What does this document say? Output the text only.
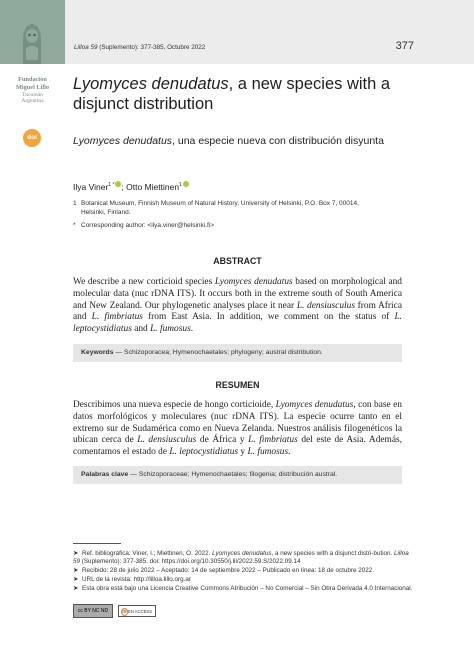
Fundación
Miguel Lillo
Tucumán
Argentina
doi
Lilloa 59 (Suplemento): 377-385, Octubre 2022	377
Lyomyces denudatus, a new species with a disjunct distribution
Lyomyces denudatus, una especie nueva con distribución disyunta
Ilya Viner$^{1 *}$ ; Otto Miettinen$^1$
1 Botanical Museum, Finnish Museum of Natural History, University of Helsinki, P.O. Box 7, 00014,
Helsinki, Finland.
* Corresponding author: <ilya.viner@helsinki.fi>
ABSTRACT
We describe a new corticioid species Lyomyces denudatus based on morphological and molecular data (nuc rDNA ITS). It occurs both in the extreme south of South America and New Zealand. Our phylogenetic analyses place it near L. densiusculus from Africa and L. fimbriatus from East Asia. In addition, we comment on the status of L. leptocystidiatus and L. fumosus.
Keywords — Schizoporacea; Hymenochaetales; phylogeny; austral distribution.
RESUMEN
Describimos una nueva especie de hongo corticioide, Lyomyces denudatus, con base en datos morfológicos y moleculares (nuc rDNA ITS). La especie ocurre tanto en el extremo sur de Sudamérica como en Nueva Zelanda. Nuestros análisis filogenéticos la ubican cerca de L. densiusculus de África y L. fimbriatus del este de Asia. Además, comentamos el estado de L. leptocystidiatus y L. fumosus.
Palabras clave — Schizoporaceae; Hymenochaetales; filogenia; distribución austral.
➤ Ref. bibliográfica: Viner, I.; Miettinen, O. 2022. Lyomyces denudatus, a new species with a disjunct distri-bution. Lilloa 59 (Suplemento): 377-385. doi: https://doi.org/10.30550/j.lil/2022.59.S/2022.09.14
➤ Recibido: 28 de julio 2022 – Aceptado: 14 de septiembre 2022 – Publicado en línea: 18 de octubre 2022.
➤ URL de la revista: http://lilloa.lillo.org.ar
➤ Esta obra está bajo una Licencia Creative Commons Atribución – No Comercial – Sin Obra Derivada 4.0 Internacional.
cc BY NC ND	OPEN ACCESS
